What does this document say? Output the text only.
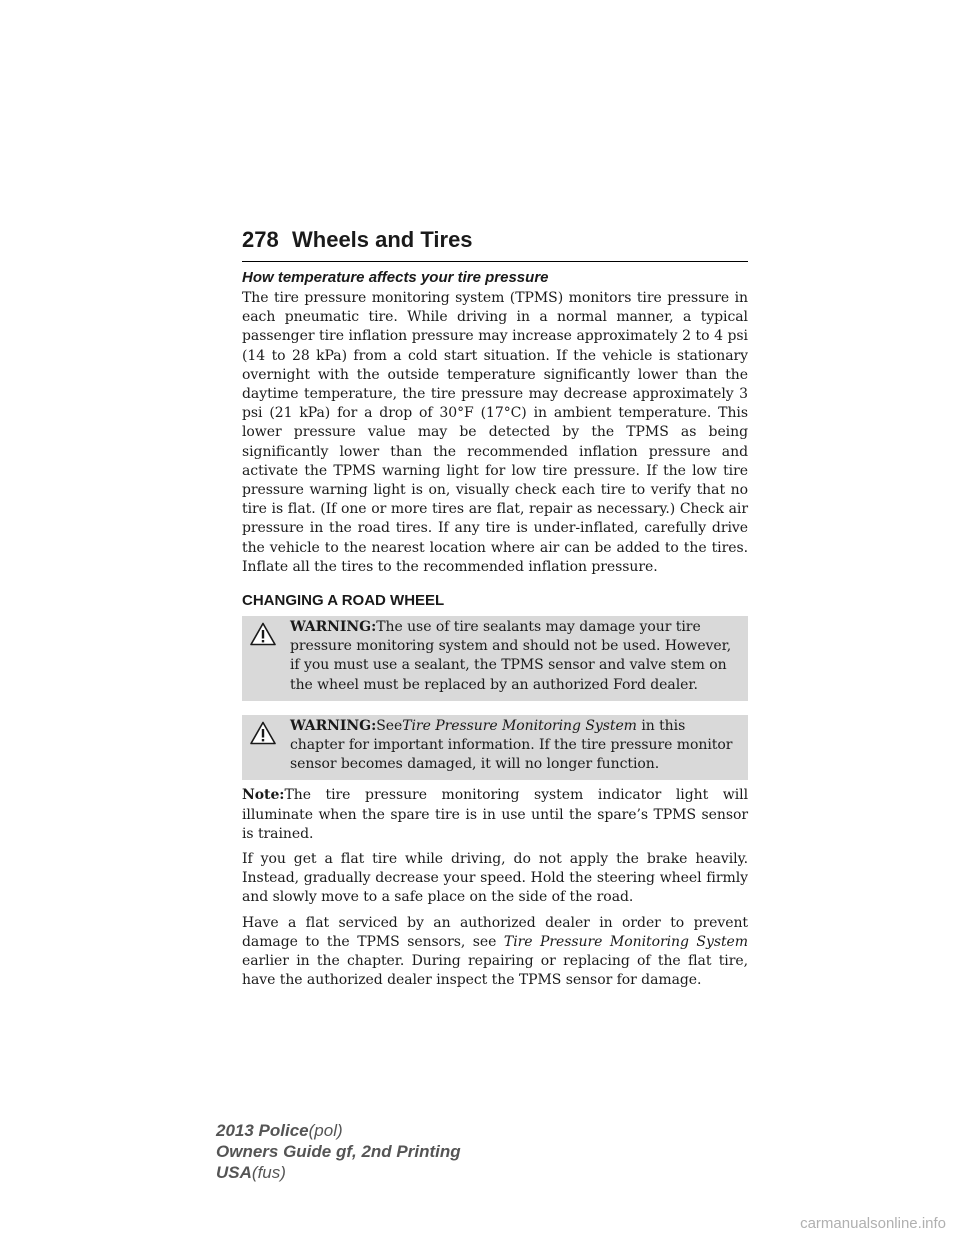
278 Wheels and Tires
How temperature affects your tire pressure

The tire pressure monitoring system (TPMS) monitors tire pressure in each pneumatic tire. While driving in a normal manner, a typical passenger tire inflation pressure may increase approximately 2 to 4 psi (14 to 28 kPa) from a cold start situation. If the vehicle is stationary overnight with the outside temperature significantly lower than the daytime temperature, the tire pressure may decrease approximately 3 psi (21 kPa) for a drop of 30°F (17°C) in ambient temperature. This lower pressure value may be detected by the TPMS as being significantly lower than the recommended inflation pressure and activate the TPMS warning light for low tire pressure. If the low tire pressure warning light is on, visually check each tire to verify that no tire is flat. (If one or more tires are flat, repair as necessary.) Check air pressure in the road tires. If any tire is under-inflated, carefully drive the vehicle to the nearest location where air can be added to the tires. Inflate all the tires to the recommended inflation pressure.

CHANGING A ROAD WHEEL

WARNING:The use of tire sealants may damage your tire pressure monitoring system and should not be used. However, if you must use a sealant, the TPMS sensor and valve stem on the wheel must be replaced by an authorized Ford dealer.

WARNING:SeeTire Pressure Monitoring System in this chapter for important information. If the tire pressure monitor sensor becomes damaged, it will no longer function.

Note:The tire pressure monitoring system indicator light will illuminate when the spare tire is in use until the spare’s TPMS sensor is trained.

If you get a flat tire while driving, do not apply the brake heavily. Instead, gradually decrease your speed. Hold the steering wheel firmly and slowly move to a safe place on the side of the road.

Have a flat serviced by an authorized dealer in order to prevent damage to the TPMS sensors, see Tire Pressure Monitoring System earlier in the chapter. During repairing or replacing of the flat tire, have the authorized dealer inspect the TPMS sensor for damage.

2013 Police(pol)
Owners Guide gf, 2nd Printing
USA(fus)
carmanualsonline.info
